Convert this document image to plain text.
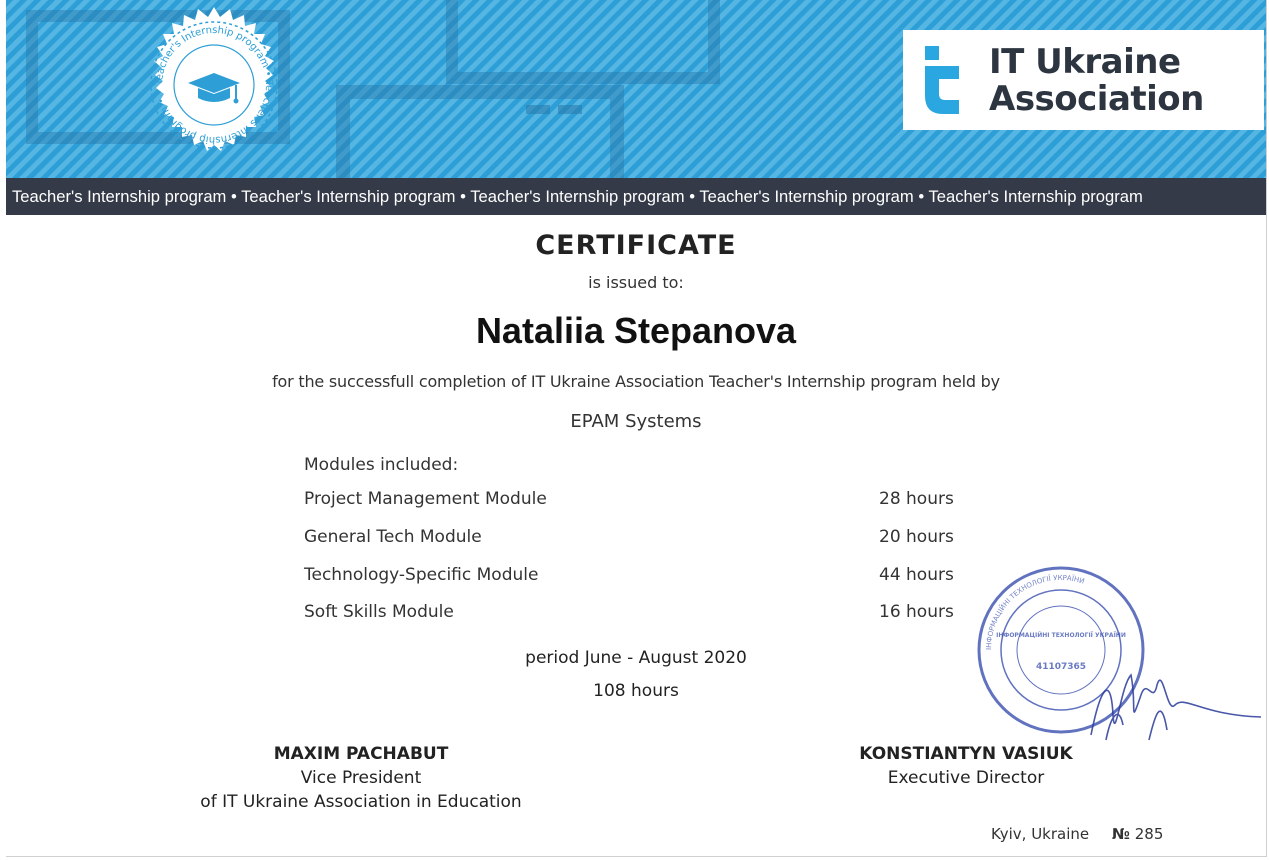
Teacher's Internship program • Teacher's Internship program •
IT Ukraine
Association
Teacher's Internship program • Teacher's Internship program • Teacher's Internship program • Teacher's Internship program • Teacher's Internship program
CERTIFICATE
is issued to:
Nataliia Stepanova
for the successfull completion of IT Ukraine Association Teacher's Internship program held by
EPAM Systems
Modules included:
Project Management Module	28 hours
General Tech Module	20 hours
Technology-Specific Module	44 hours
Soft Skills Module	16 hours
period June - August 2020
108 hours
MAXIM PACHABUT
Vice President
of IT Ukraine Association in Education
KONSTIANTYN VASIUK
Executive Director
ІНФОРМАЦІЙНІ ТЕХНОЛОГІЇ УКРАЇНИ
ІНФОРМАЦІЙНІ ТЕХНОЛОГІЇ УКРАЇНИ
41107365
Kyiv, Ukraine № 285
